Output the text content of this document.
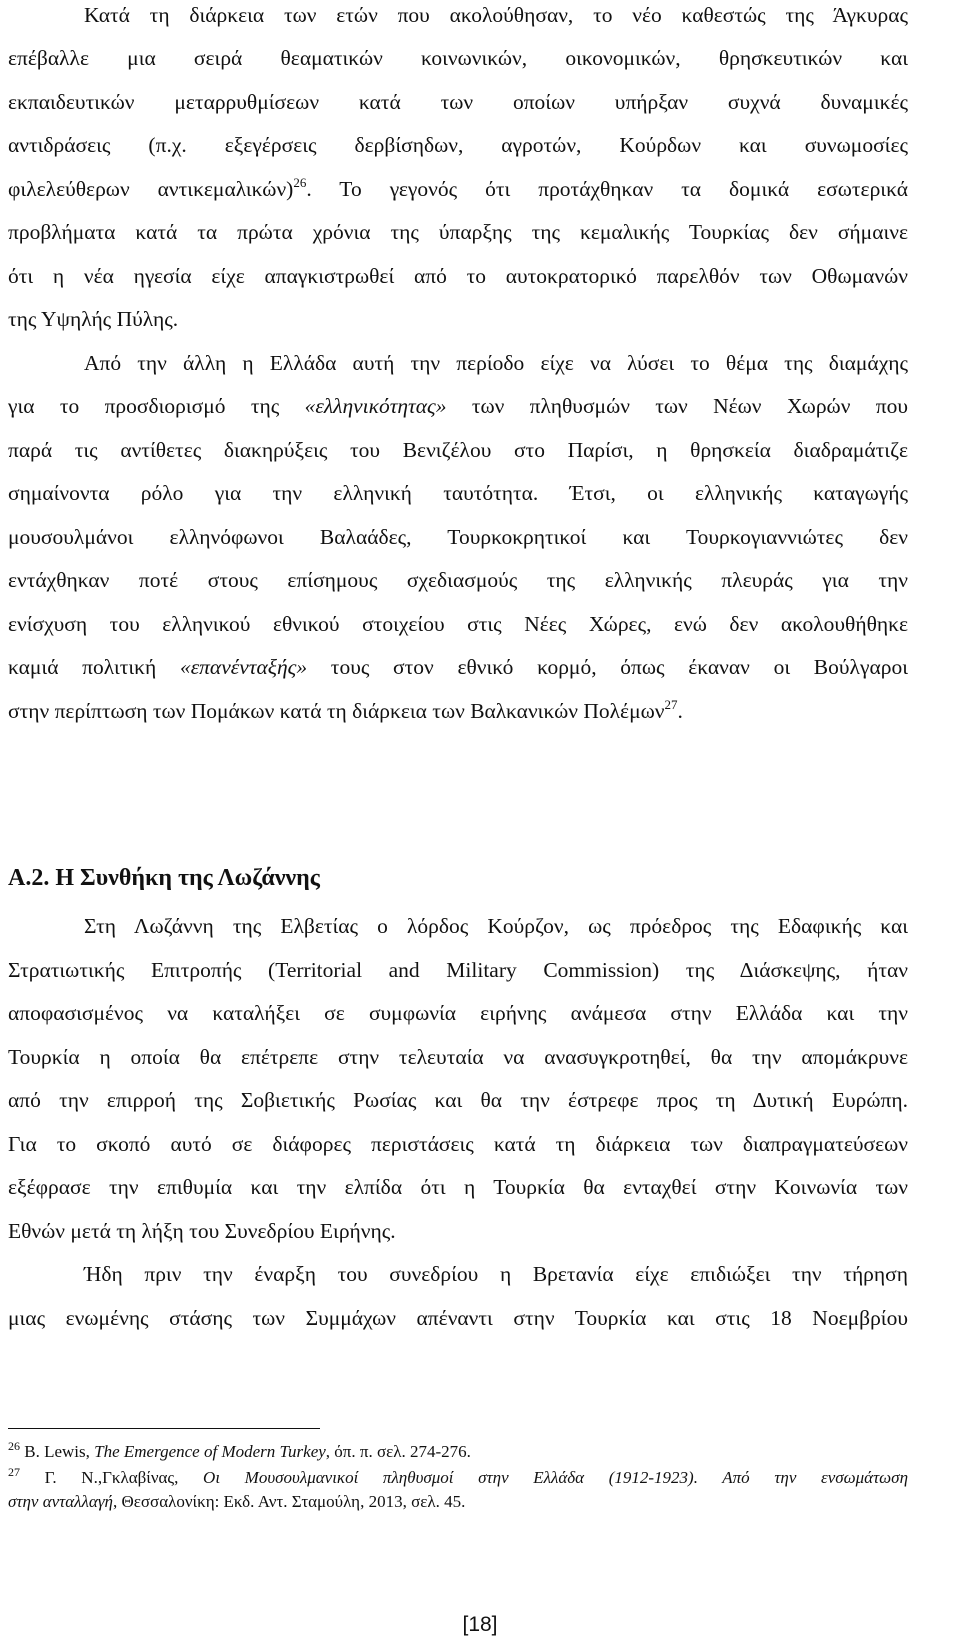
Κατά τη διάρκεια των ετών που ακολούθησαν, το νέο καθεστώς της Άγκυρας
επέβαλλε μια σειρά θεαματικών κοινωνικών, οικονομικών, θρησκευτικών και
εκπαιδευτικών μεταρρυθμίσεων κατά των οποίων υπήρξαν συχνά δυναμικές
αντιδράσεις (π.χ. εξεγέρσεις δερβίσηδων, αγροτών, Κούρδων και συνωμοσίες
φιλελεύθερων αντικεμαλικών)$^{26}$. Το γεγονός ότι προτάχθηκαν τα δομικά εσωτερικά
προβλήματα κατά τα πρώτα χρόνια της ύπαρξης της κεμαλικής Τουρκίας δεν σήμαινε
ότι η νέα ηγεσία είχε απαγκιστρωθεί από το αυτοκρατορικό παρελθόν των Οθωμανών
της Υψηλής Πύλης.
Από την άλλη η Ελλάδα αυτή την περίοδο είχε να λύσει το θέμα της διαμάχης
για το προσδιορισμό της «ελληνικότητας» των πληθυσμών των Νέων Χωρών που
παρά τις αντίθετες διακηρύξεις του Βενιζέλου στο Παρίσι, η θρησκεία διαδραμάτιζε
σημαίνοντα ρόλο για την ελληνική ταυτότητα. Έτσι, οι ελληνικής καταγωγής
μουσουλμάνοι ελληνόφωνοι Βαλαάδες, Τουρκοκρητικοί και Τουρκογιαννιώτες δεν
εντάχθηκαν ποτέ στους επίσημους σχεδιασμούς της ελληνικής πλευράς για την
ενίσχυση του ελληνικού εθνικού στοιχείου στις Νέες Χώρες, ενώ δεν ακολουθήθηκε
καμιά πολιτική «επανένταξής» τους στον εθνικό κορμό, όπως έκαναν οι Βούλγαροι
στην περίπτωση των Πομάκων κατά τη διάρκεια των Βαλκανικών Πολέμων$^{27}$.
Α.2. Η Συνθήκη της Λωζάννης
Στη Λωζάννη της Ελβετίας ο λόρδος Κούρζον, ως πρόεδρος της Εδαφικής και
Στρατιωτικής Επιτροπής (Territorial and Military Commission) της Διάσκεψης, ήταν
αποφασισμένος να καταλήξει σε συμφωνία ειρήνης ανάμεσα στην Ελλάδα και την
Τουρκία η οποία θα επέτρεπε στην τελευταία να ανασυγκροτηθεί, θα την απομάκρυνε
από την επιρροή της Σοβιετικής Ρωσίας και θα την έστρεφε προς τη Δυτική Ευρώπη.
Για το σκοπό αυτό σε διάφορες περιστάσεις κατά τη διάρκεια των διαπραγματεύσεων
εξέφρασε την επιθυμία και την ελπίδα ότι η Τουρκία θα ενταχθεί στην Κοινωνία των
Εθνών μετά τη λήξη του Συνεδρίου Ειρήνης.
Ήδη πριν την έναρξη του συνεδρίου η Βρετανία είχε επιδιώξει την τήρηση
μιας ενωμένης στάσης των Συμμάχων απέναντι στην Τουρκία και στις 18 Νοεμβρίου
$^{26}$ B. Lewis, The Emergence of Modern Turkey, όπ. π. σελ. 274-276.
$^{27}$ Γ. Ν.,Γκλαβίνας, Οι Μουσουλμανικοί πληθυσμοί στην Ελλάδα (1912-1923). Από την ενσωμάτωση
στην ανταλλαγή, Θεσσαλονίκη: Εκδ. Αντ. Σταμούλη, 2013, σελ. 45.
[18]
